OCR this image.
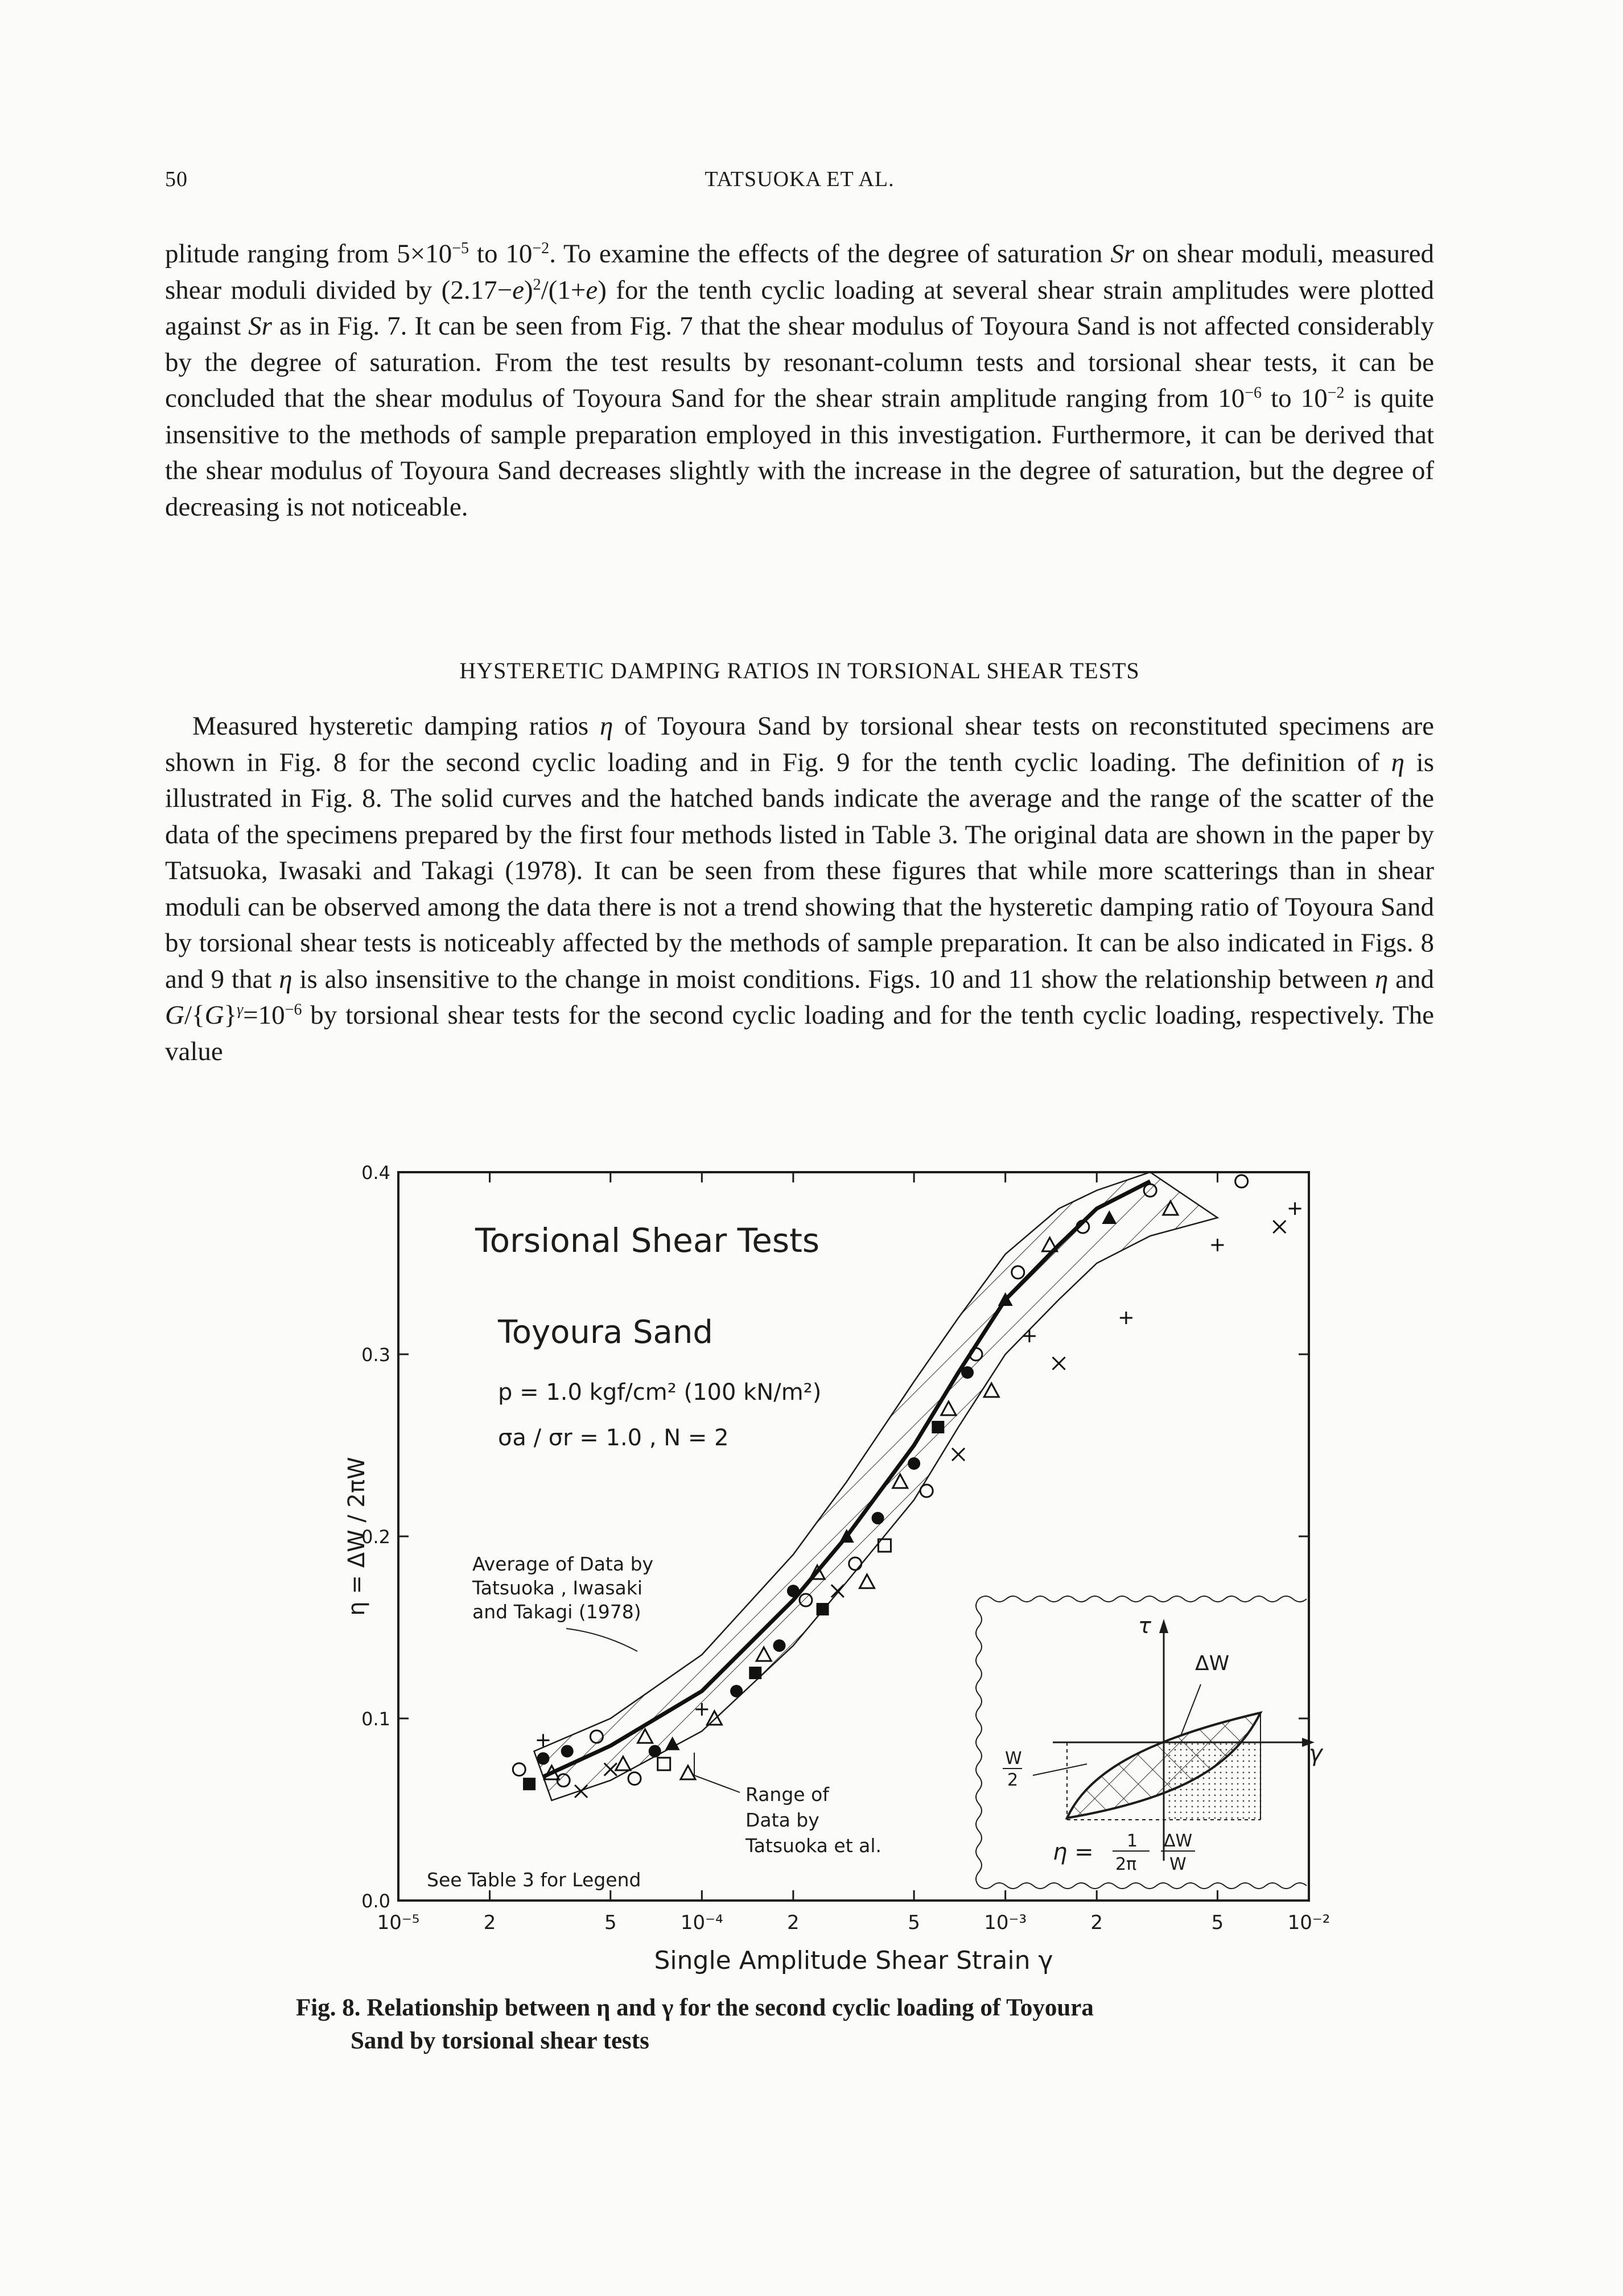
50	TATSUOKA ET AL.

plitude ranging from $5\times 10^{-5}$ to $10^{-2}$. To examine the effects of the degree of saturation Sr on shear moduli, measured shear moduli divided by $(2.17-e)^2/(1+e)$ for the tenth cyclic loading at several shear strain amplitudes were plotted against Sr as in Fig. 7. It can be seen from Fig. 7 that the shear modulus of Toyoura Sand is not affected considerably by the degree of saturation. From the test results by resonant-column tests and torsional shear tests, it can be concluded that the shear modulus of Toyoura Sand for the shear strain amplitude ranging from $10^{-6}$ to $10^{-2}$ is quite insensitive to the methods of sample preparation employed in this investigation. Furthermore, it can be derived that the shear modulus of Toyoura Sand decreases slightly with the increase in the degree of saturation, but the degree of decreasing is not noticeable.

HYSTERETIC DAMPING RATIOS IN TORSIONAL SHEAR TESTS

Measured hysteretic damping ratios η of Toyoura Sand by torsional shear tests on reconstituted specimens are shown in Fig. 8 for the second cyclic loading and in Fig. 9 for the tenth cyclic loading. The definition of η is illustrated in Fig. 8. The solid curves and the hatched bands indicate the average and the range of the scatter of the data of the specimens prepared by the first four methods listed in Table 3. The original data are shown in the paper by Tatsuoka, Iwasaki and Takagi (1978). It can be seen from these figures that while more scatterings than in shear moduli can be observed among the data there is not a trend showing that the hysteretic damping ratio of Toyoura Sand by torsional shear tests is noticeably affected by the methods of sample preparation. It can be also indicated in Figs. 8 and 9 that η is also insensitive to the change in moist conditions. Figs. 10 and 11 show the relationship between η and $G/\{G\}^\gamma=10^{-6}$ by torsional shear tests for the second cyclic loading and for the tenth cyclic loading, respectively. The value

10⁻⁵	2	5	10⁻⁴	2	5	10⁻³	2	5	10⁻²
0.0
0.1
0.2
0.3
0.4
Torsional Shear Tests
Toyoura Sand
p = 1.0 kgf/cm² (100 kN/m²)
σa / σr = 1.0 , N = 2
Average of Data by
Tatsuoka , Iwasaki
and Takagi (1978)
Range of
Data by
Tatsuoka et al.
See Table 3 for Legend
τ
ΔW
γ
W
2
η = 1
2π
ΔW
W
Single Amplitude Shear Strain γ
η = ΔW / 2πW
Fig. 8. Relationship between η and γ for the second cyclic loading of Toyoura
Sand by torsional shear tests
